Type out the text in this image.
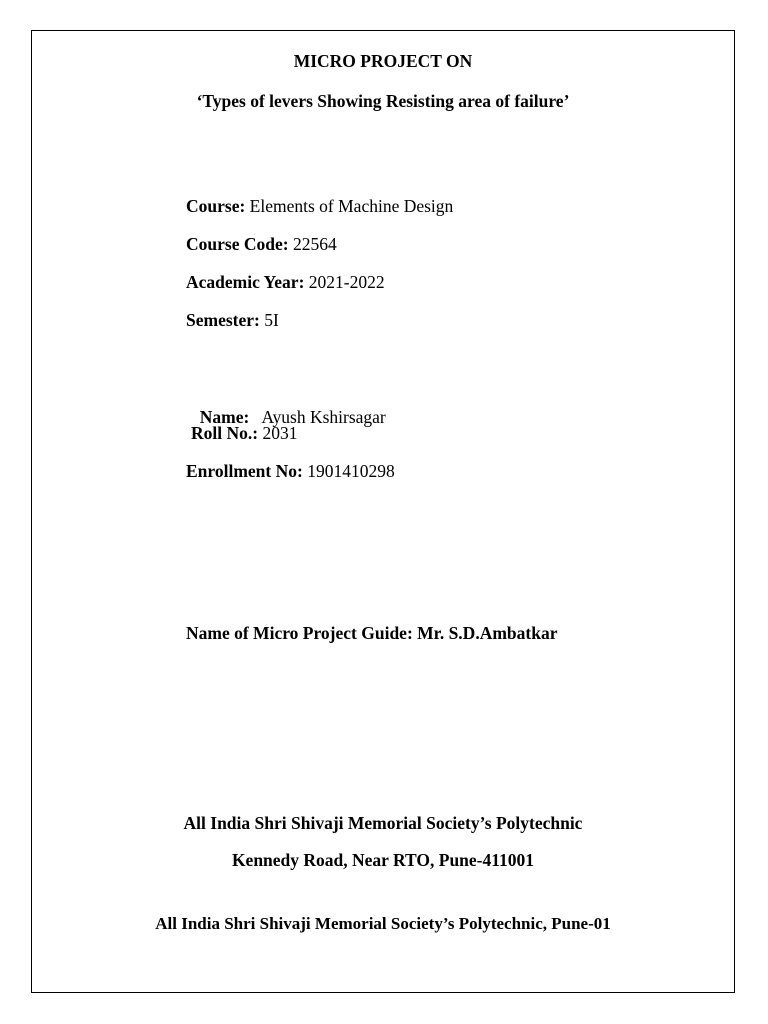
MICRO PROJECT ON
‘Types of levers Showing Resisting area of failure’
Course: Elements of Machine Design
Course Code: 22564
Academic Year: 2021-2022
Semester: 5I

Name:   Ayush Kshirsagar

Roll No.: 2031
Enrollment No: 1901410298
Name of Micro Project Guide: Mr. S.D.Ambatkar
All India Shri Shivaji Memorial Society’s Polytechnic
Kennedy Road, Near RTO, Pune-411001
All India Shri Shivaji Memorial Society’s Polytechnic, Pune-01
